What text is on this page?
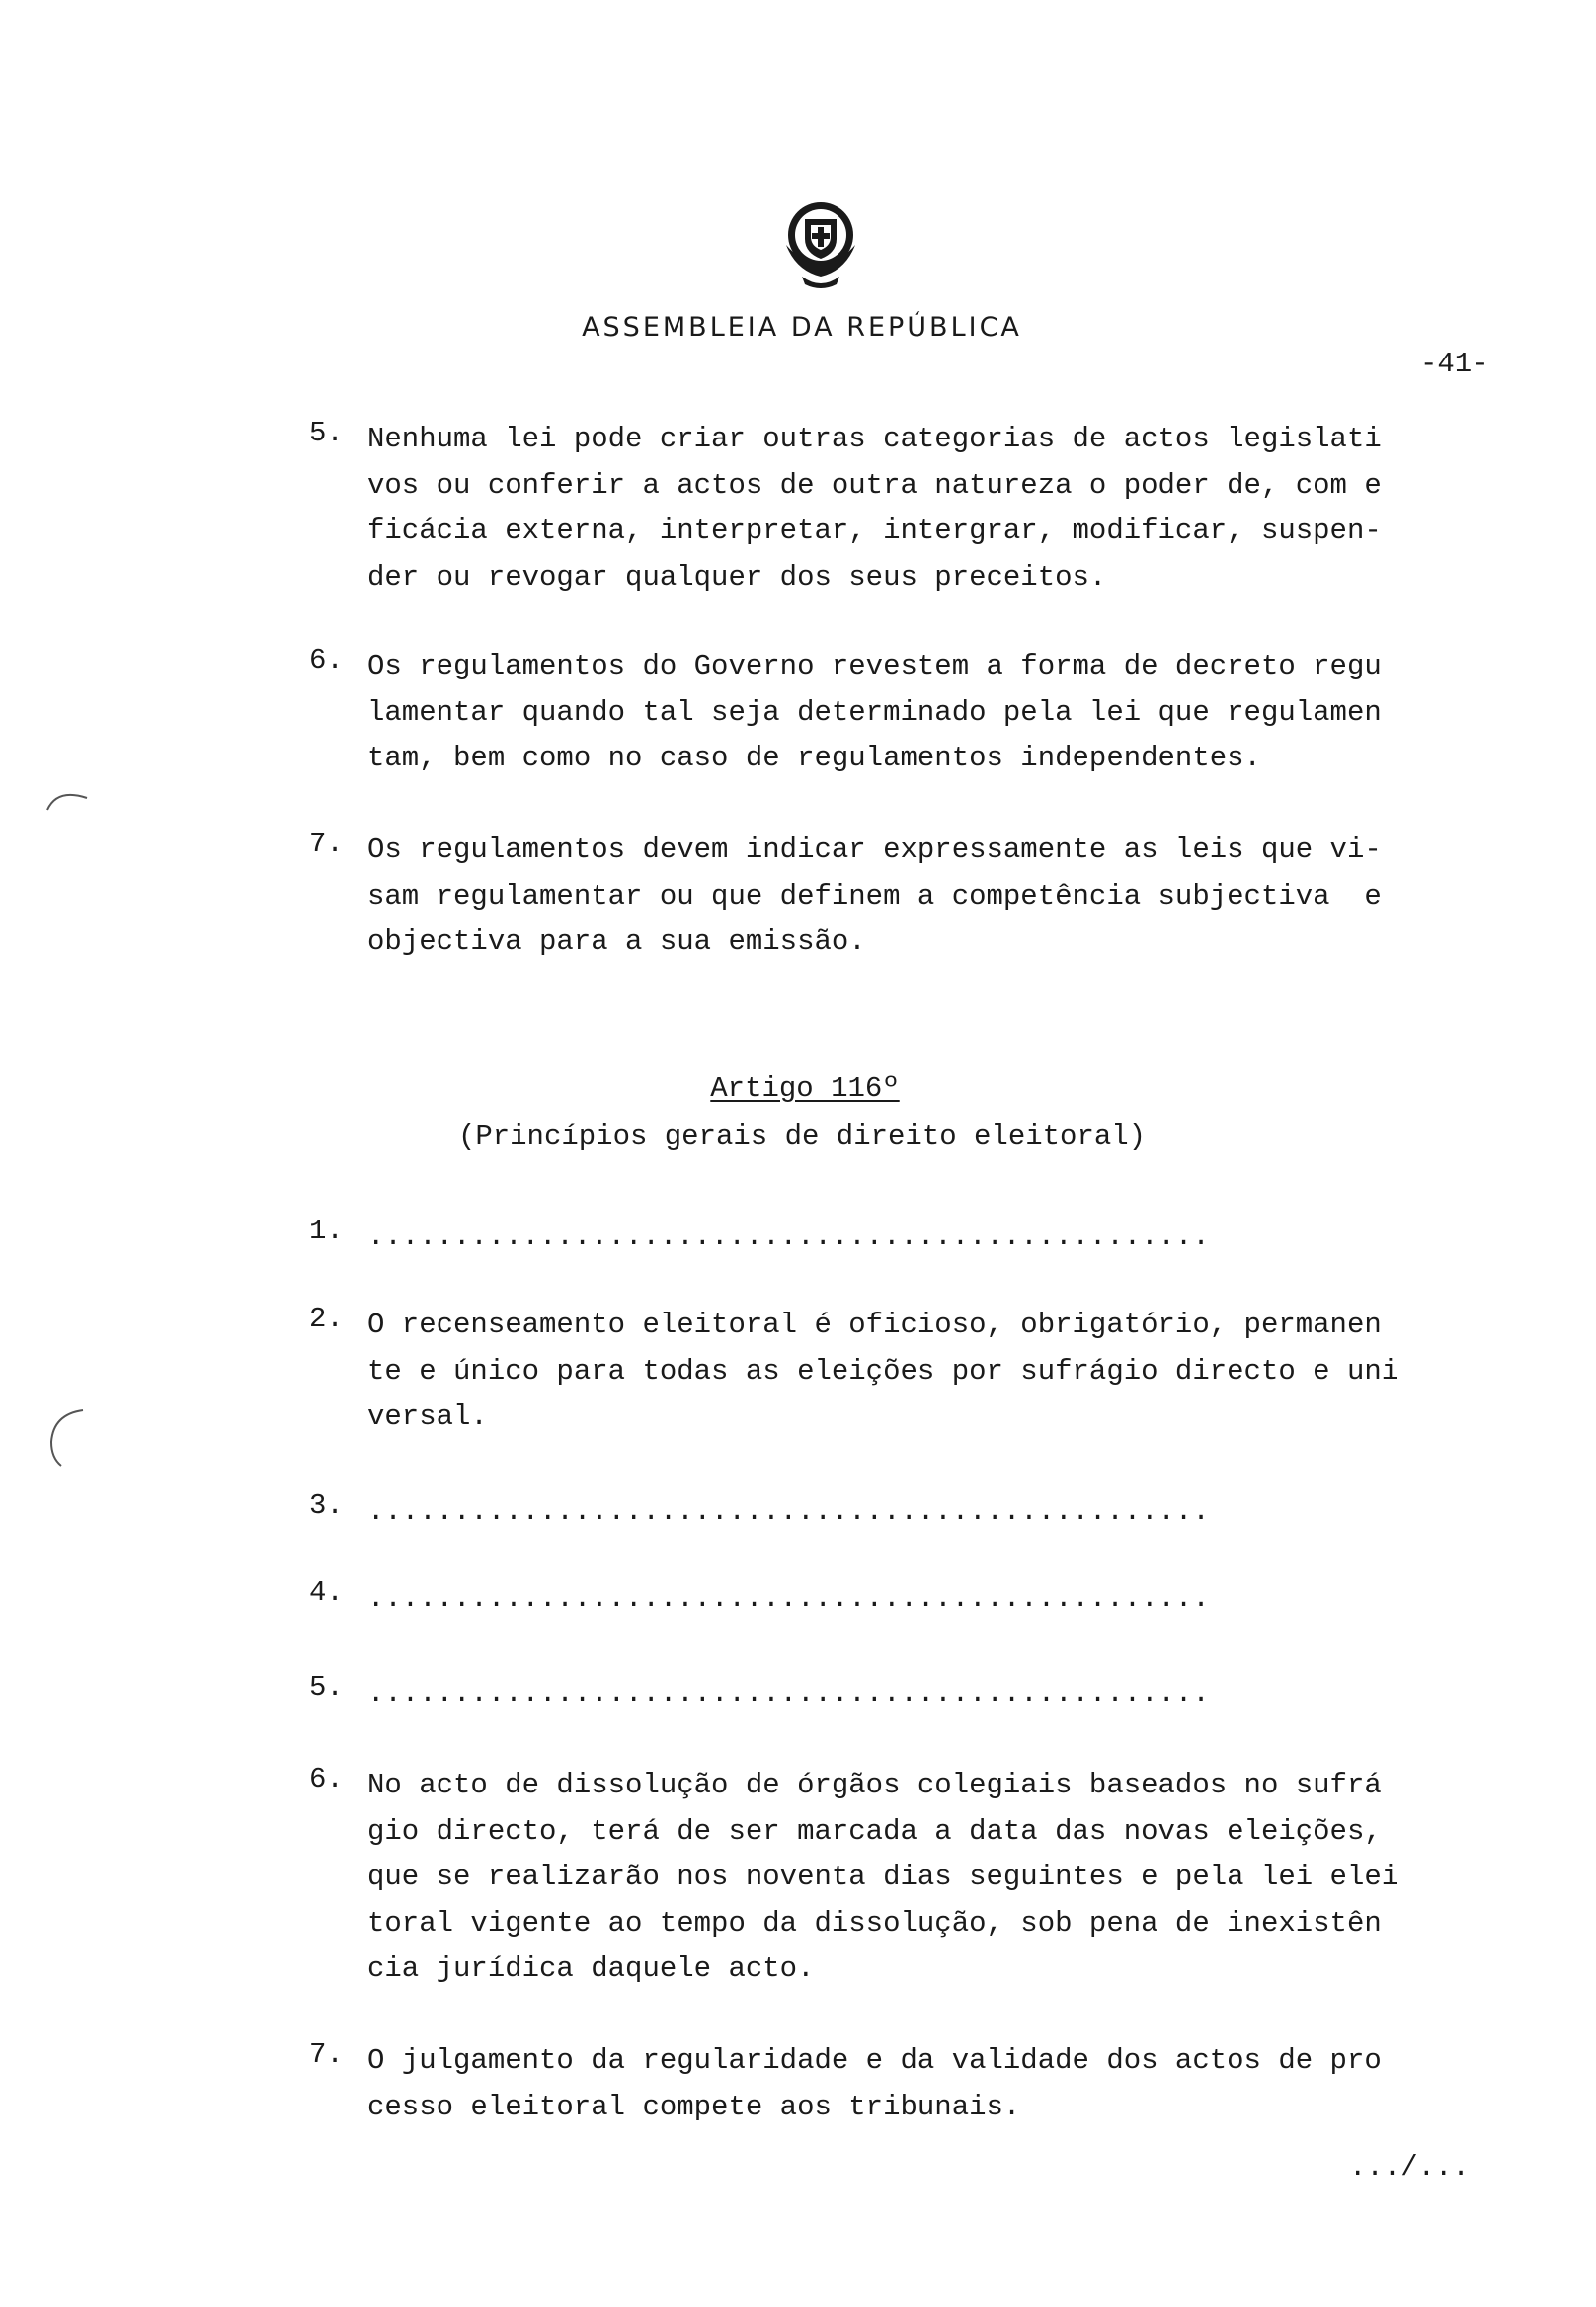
ASSEMBLEIA DA REPÚBLICA
-41-
5. Nenhuma lei pode criar outras categorias de actos legislati
vos ou conferir a actos de outra natureza o poder de, com e
ficácia externa, interpretar, intergrar, modificar, suspen-
der ou revogar qualquer dos seus preceitos.
6. Os regulamentos do Governo revestem a forma de decreto regu
lamentar quando tal seja determinado pela lei que regulamen
tam, bem como no caso de regulamentos independentes.
7. Os regulamentos devem indicar expressamente as leis que vi-
sam regulamentar ou que definem a competência subjectiva  e
objectiva para a sua emissão.
Artigo 116º
(Princípios gerais de direito eleitoral)
1. .................................................
2. O recenseamento eleitoral é oficioso, obrigatório, permanen
te e único para todas as eleições por sufrágio directo e uni
versal.
3. .................................................
4. .................................................
5. .................................................
6. No acto de dissolução de órgãos colegiais baseados no sufrá
gio directo, terá de ser marcada a data das novas eleições,
que se realizarão nos noventa dias seguintes e pela lei elei
toral vigente ao tempo da dissolução, sob pena de inexistên
cia jurídica daquele acto.
7. O julgamento da regularidade e da validade dos actos de pro
cesso eleitoral compete aos tribunais.
.../...
